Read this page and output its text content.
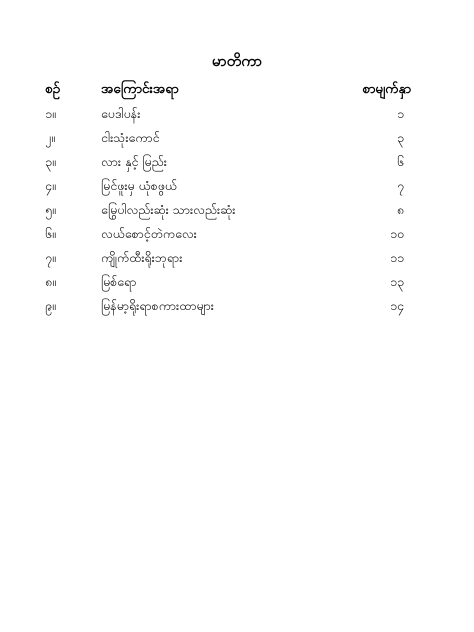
မာတိကာ
စဥ်	အကြောင်းအရာ	စာမျက်နှာ
၁။	ပေဒါပန်း	၁
၂။	ငါးသုံးကောင်	၃
၃။	လား နှင့် မြည်း	၆
၄။	မြင်ဖူးမှ ယုံစဖွယ်	၇
၅။	မြွေပါလည်းဆုံး သားလည်းဆုံး	၈
၆။	လယ်စောင့်တဲကလေး	၁၀
၇။	ကျိုက်ထီးရိုးဘုရား	၁၁
၈။	မြစ်ရော	၁၃
၉။	မြန်မာ့ရိုးရာစကားထာများ	၁၄
